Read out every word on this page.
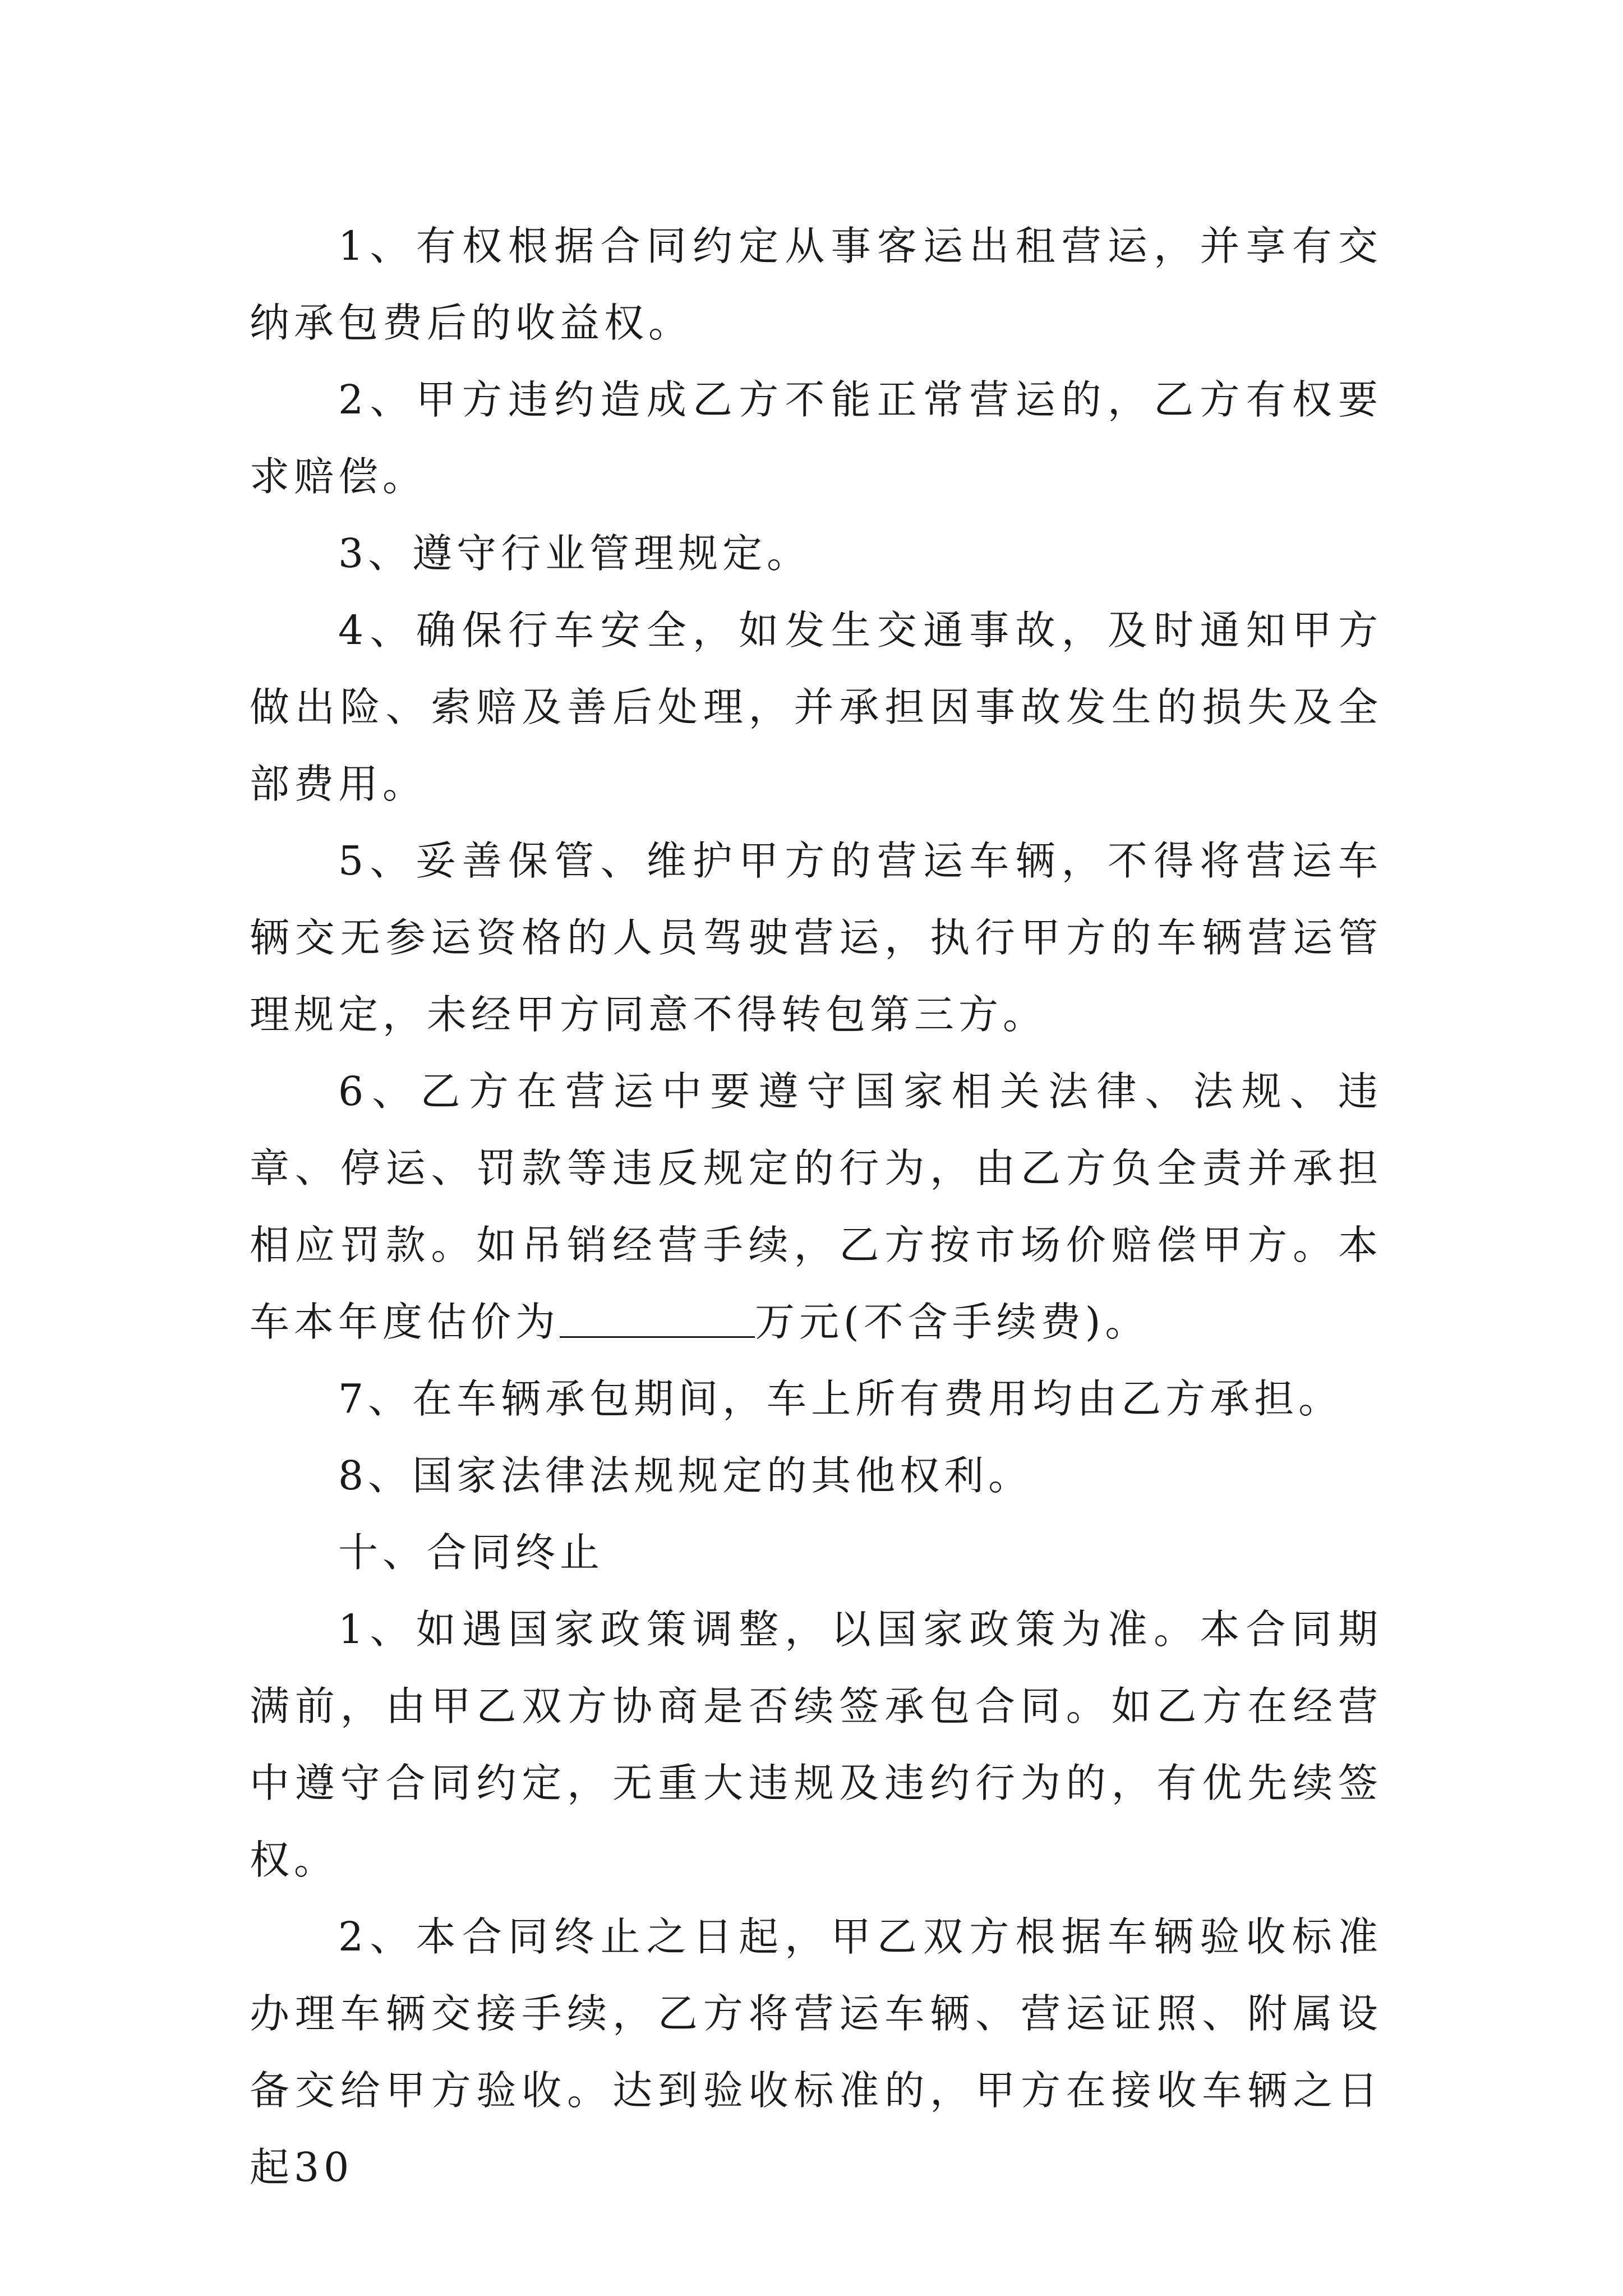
1、有权根据合同约定从事客运出租营运，并享有交纳承包费后的收益权。

2、甲方违约造成乙方不能正常营运的，乙方有权要求赔偿。

3、遵守行业管理规定。

4、确保行车安全，如发生交通事故，及时通知甲方做出险、索赔及善后处理，并承担因事故发生的损失及全部费用。

5、妥善保管、维护甲方的营运车辆，不得将营运车辆交无参运资格的人员驾驶营运，执行甲方的车辆营运管理规定，未经甲方同意不得转包第三方。

6、乙方在营运中要遵守国家相关法律、法规、违章、停运、罚款等违反规定的行为，由乙方负全责并承担相应罚款。如吊销经营手续，乙方按市场价赔偿甲方。本车本年度估价为	万元(不含手续费)。

7、在车辆承包期间，车上所有费用均由乙方承担。

8、国家法律法规规定的其他权利。

十、合同终止

1、如遇国家政策调整，以国家政策为准。本合同期满前，由甲乙双方协商是否续签承包合同。如乙方在经营中遵守合同约定，无重大违规及违约行为的，有优先续签权。

2、本合同终止之日起，甲乙双方根据车辆验收标准办理车辆交接手续，乙方将营运车辆、营运证照、附属设备交给甲方验收。达到验收标准的，甲方在接收车辆之日起30
